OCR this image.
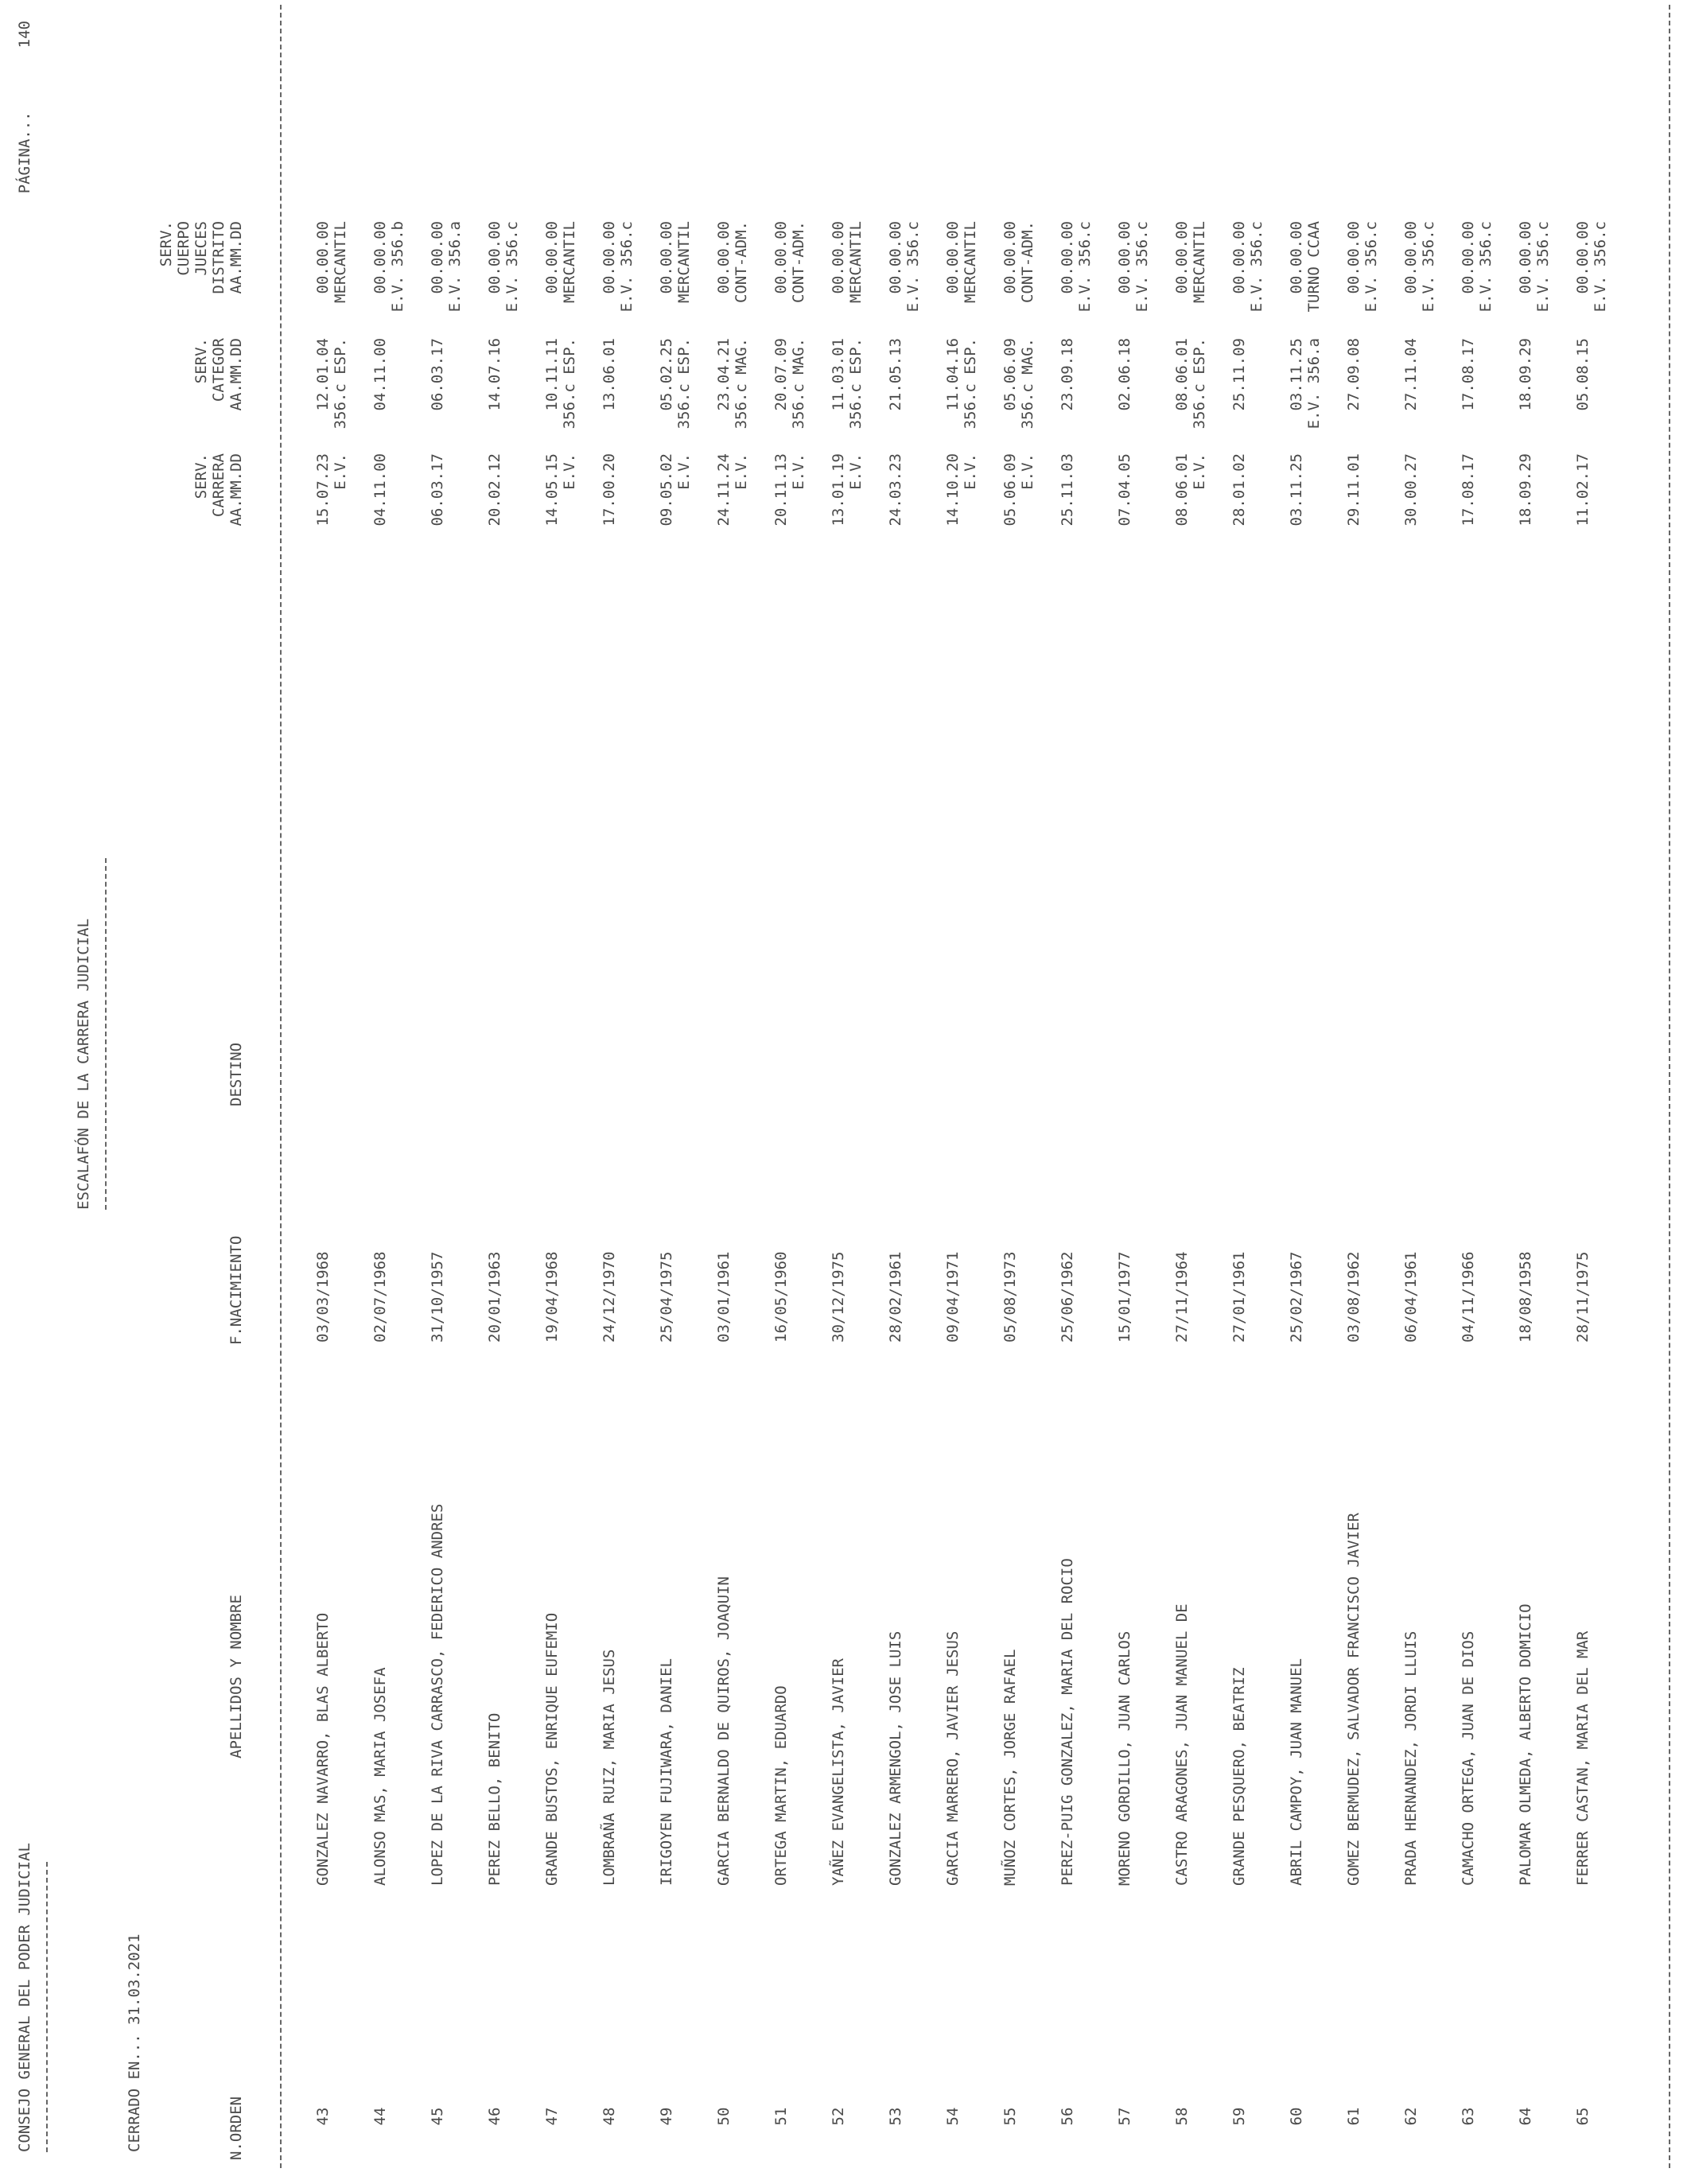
CONSEJO GENERAL DEL PODER JUDICIAL
ESCALAFÓN DE LA CARRERA JUDICIAL
CERRADO EN... 31.03.2021
PÁGINA...       140
N.ORDEN
APELLIDOS Y NOMBRE
F.NACIMIENTO
DESTINO
SERV.
CARRERA
AA.MM.DD
SERV.
CATEGOR
AA.MM.DD
SERV.
CUERPO
JUECES
DISTRITO
AA.MM.DD
43
GONZALEZ NAVARRO, BLAS ALBERTO
03/03/1968
15.07.23
12.01.04
00.00.00
E.V.
356.c ESP.
MERCANTIL
44
ALONSO MAS, MARIA JOSEFA
02/07/1968
04.11.00
04.11.00
00.00.00 E.V. 356.b
45
LOPEZ DE LA RIVA CARRASCO, FEDERICO ANDRES
31/10/1957
06.03.17
06.03.17
00.00.00 E.V. 356.a
46
PEREZ BELLO, BENITO
20/01/1963
20.02.12
14.07.16
00.00.00 E.V. 356.c
47
GRANDE BUSTOS, ENRIQUE EUFEMIO
19/04/1968
14.05.15
10.11.11
00.00.00
E.V.
356.c ESP.
MERCANTIL
48
LOMBRAÑA RUIZ, MARIA JESUS
24/12/1970
17.00.20
13.06.01
00.00.00 E.V. 356.c
49
IRIGOYEN FUJIWARA, DANIEL
25/04/1975
09.05.02
05.02.25
00.00.00
E.V.
356.c ESP.
MERCANTIL
50
GARCIA BERNALDO DE QUIROS, JOAQUIN
03/01/1961
24.11.24
23.04.21
00.00.00
E.V.
356.c MAG.
CONT-ADM.
51
ORTEGA MARTIN, EDUARDO
16/05/1960
20.11.13
20.07.09
00.00.00
E.V.
356.c MAG.
CONT-ADM.
52
YAÑEZ EVANGELISTA, JAVIER
30/12/1975
13.01.19
11.03.01
00.00.00
E.V.
356.c ESP.
MERCANTIL
53
GONZALEZ ARMENGOL, JOSE LUIS
28/02/1961
24.03.23
21.05.13
00.00.00 E.V. 356.c
54
GARCIA MARRERO, JAVIER JESUS
09/04/1971
14.10.20
11.04.16
00.00.00
E.V.
356.c ESP.
MERCANTIL
55
MUÑOZ CORTES, JORGE RAFAEL
05/08/1973
05.06.09
05.06.09
00.00.00
E.V.
356.c MAG.
CONT-ADM.
56
PEREZ-PUIG GONZALEZ, MARIA DEL ROCIO
25/06/1962
25.11.03
23.09.18
00.00.00 E.V. 356.c
57
MORENO GORDILLO, JUAN CARLOS
15/01/1977
07.04.05
02.06.18
00.00.00 E.V. 356.c
58
CASTRO ARAGONES, JUAN MANUEL DE
27/11/1964
08.06.01
08.06.01
00.00.00
E.V.
356.c ESP.
MERCANTIL
59
GRANDE PESQUERO, BEATRIZ
27/01/1961
28.01.02
25.11.09
00.00.00 E.V. 356.c
60
ABRIL CAMPOY, JUAN MANUEL
25/02/1967
03.11.25
03.11.25
00.00.00
E.V. 356.a
TURNO CCAA
61
GOMEZ BERMUDEZ, SALVADOR FRANCISCO JAVIER
03/08/1962
29.11.01
27.09.08
00.00.00 E.V. 356.c
62
PRADA HERNANDEZ, JORDI LLUIS
06/04/1961
30.00.27
27.11.04
00.00.00 E.V. 356.c
63
CAMACHO ORTEGA, JUAN DE DIOS
04/11/1966
17.08.17
17.08.17
00.00.00 E.V. 356.c
64
PALOMAR OLMEDA, ALBERTO DOMICIO
18/08/1958
18.09.29
18.09.29
00.00.00 E.V. 356.c
65
FERRER CASTAN, MARIA DEL MAR
28/11/1975
11.02.17
05.08.15
00.00.00 E.V. 356.c
